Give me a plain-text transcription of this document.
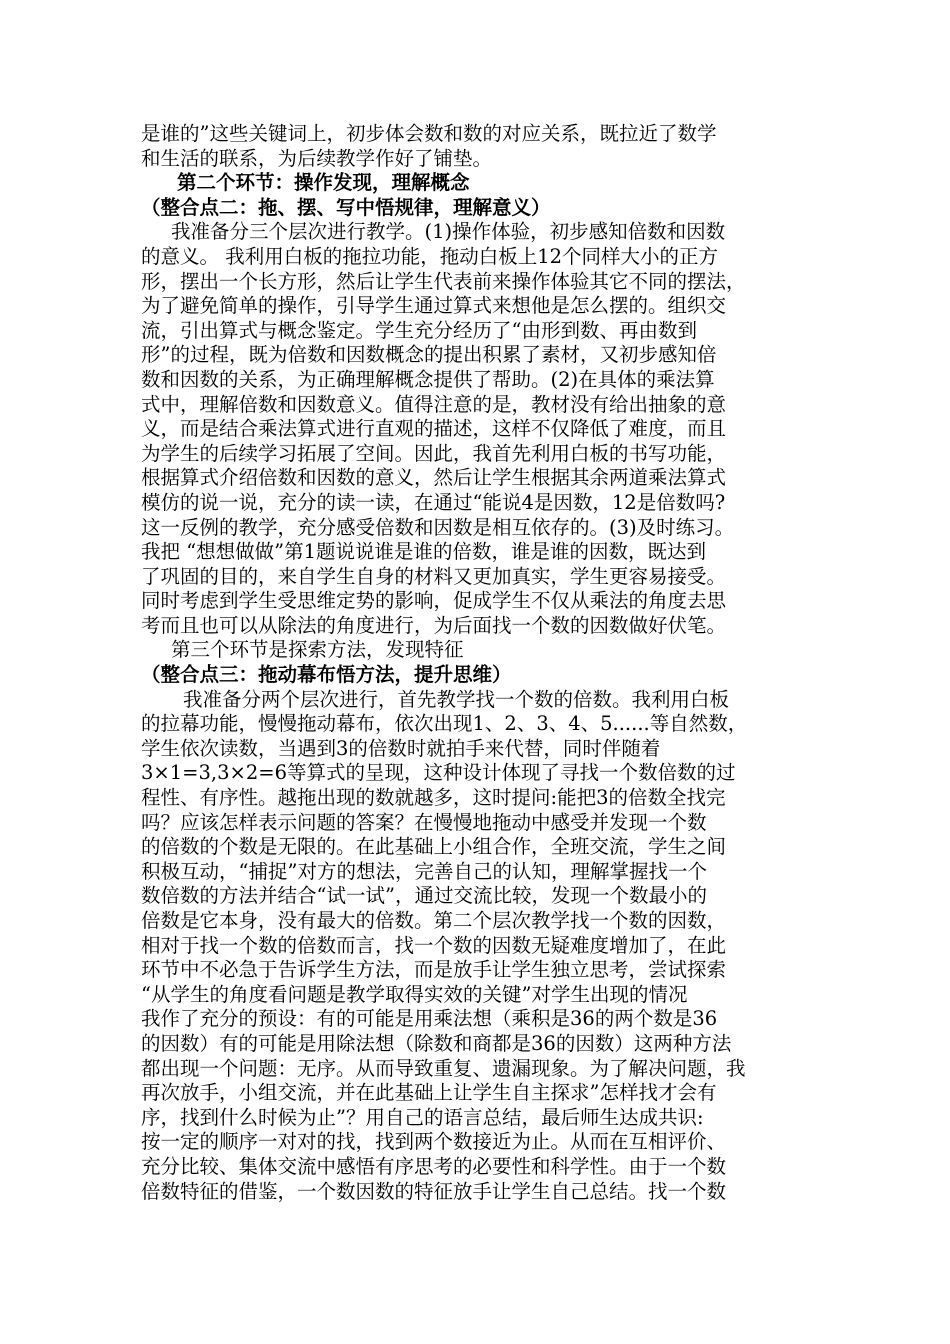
是谁的”这些关键词上，初步体会数和数的对应关系，既拉近了数学
和生活的联系，为后续教学作好了铺垫。
第二个环节：操作发现，理解概念
（整合点二：拖、摆、写中悟规律，理解意义）
我准备分三个层次进行教学。(1)操作体验，初步感知倍数和因数
的意义。 我利用白板的拖拉功能，拖动白板上12个同样大小的正方
形，摆出一个长方形，然后让学生代表前来操作体验其它不同的摆法，
为了避免简单的操作，引导学生通过算式来想他是怎么摆的。组织交
流，引出算式与概念鉴定。学生充分经历了“由形到数、再由数到
形”的过程，既为倍数和因数概念的提出积累了素材，又初步感知倍
数和因数的关系，为正确理解概念提供了帮助。(2)在具体的乘法算
式中，理解倍数和因数意义。值得注意的是，教材没有给出抽象的意
义，而是结合乘法算式进行直观的描述，这样不仅降低了难度，而且
为学生的后续学习拓展了空间。因此，我首先利用白板的书写功能，
根据算式介绍倍数和因数的意义，然后让学生根据其余两道乘法算式
模仿的说一说，充分的读一读，在通过“能说4是因数，12是倍数吗?
这一反例的教学，充分感受倍数和因数是相互依存的。(3)及时练习。
我把 “想想做做”第1题说说谁是谁的倍数，谁是谁的因数，既达到
了巩固的目的，来自学生自身的材料又更加真实，学生更容易接受。
同时考虑到学生受思维定势的影响，促成学生不仅从乘法的角度去思
考而且也可以从除法的角度进行，为后面找一个数的因数做好伏笔。
第三个环节是探索方法，发现特征
（整合点三：拖动幕布悟方法，提升思维）
我准备分两个层次进行，首先教学找一个数的倍数。我利用白板
的拉幕功能，慢慢拖动幕布，依次出现1、2、3、4、5......等自然数，
学生依次读数，当遇到3的倍数时就拍手来代替，同时伴随着
3×1=3,3×2=6等算式的呈现，这种设计体现了寻找一个数倍数的过
程性、有序性。越拖出现的数就越多，这时提问:能把3的倍数全找完
吗？应该怎样表示问题的答案？在慢慢地拖动中感受并发现一个数
的倍数的个数是无限的。在此基础上小组合作，全班交流，学生之间
积极互动，“捕捉”对方的想法，完善自己的认知，理解掌握找一个
数倍数的方法并结合“试一试”，通过交流比较，发现一个数最小的
倍数是它本身，没有最大的倍数。第二个层次教学找一个数的因数，
相对于找一个数的倍数而言，找一个数的因数无疑难度增加了，在此
环节中不必急于告诉学生方法，而是放手让学生独立思考，尝试探索
“从学生的角度看问题是教学取得实效的关键”对学生出现的情况
我作了充分的预设：有的可能是用乘法想（乘积是36的两个数是36
的因数）有的可能是用除法想（除数和商都是36的因数）这两种方法
都出现一个问题：无序。从而导致重复、遗漏现象。为了解决问题，我
再次放手，小组交流，并在此基础上让学生自主探求”怎样找才会有
序，找到什么时候为止”？用自己的语言总结，最后师生达成共识:
按一定的顺序一对对的找，找到两个数接近为止。从而在互相评价、
充分比较、集体交流中感悟有序思考的必要性和科学性。由于一个数
倍数特征的借鉴，一个数因数的特征放手让学生自己总结。找一个数
